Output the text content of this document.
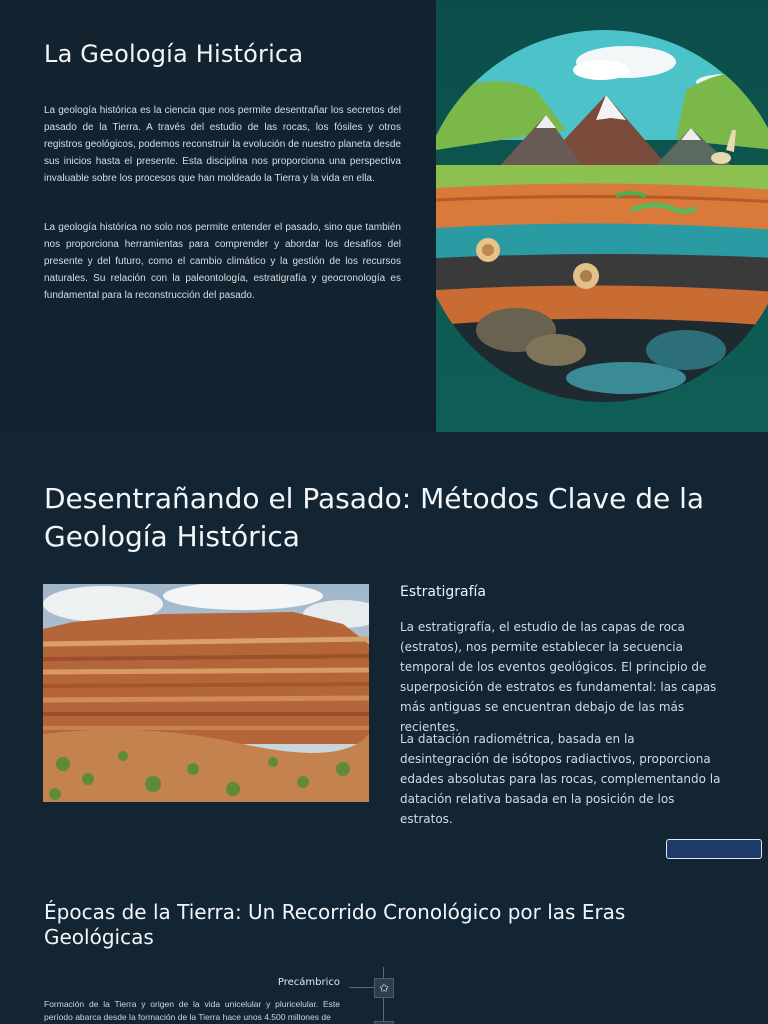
La Geología Histórica

La geología histórica es la ciencia que nos permite desentrañar los secretos del pasado de la Tierra. A través del estudio de las rocas, los fósiles y otros registros geológicos, podemos reconstruir la evolución de nuestro planeta desde sus inicios hasta el presente. Esta disciplina nos proporciona una perspectiva invaluable sobre los procesos que han moldeado la Tierra y la vida en ella.

La geología histórica no solo nos permite entender el pasado, sino que también nos proporciona herramientas para comprender y abordar los desafíos del presente y del futuro, como el cambio climático y la gestión de los recursos naturales. Su relación con la paleontología, estratigrafía y geocronología es fundamental para la reconstrucción del pasado.

Desentrañando el Pasado: Métodos Clave de la Geología Histórica
Estratigrafía

La estratigrafía, el estudio de las capas de roca (estratos), nos permite establecer la secuencia temporal de los eventos geológicos. El principio de superposición de estratos es fundamental: las capas más antiguas se encuentran debajo de las más recientes.

La datación radiométrica, basada en la desintegración de isótopos radiactivos, proporciona edades absolutas para las rocas, complementando la datación relativa basada en la posición de los estratos.

Épocas de la Tierra: Un Recorrido Cronológico por las Eras Geológicas
✩

Precámbrico

Formación de la Tierra y origen de la vida unicelular y pluricelular. Este período abarca desde la formación de la Tierra hace unos 4.500 millones de
